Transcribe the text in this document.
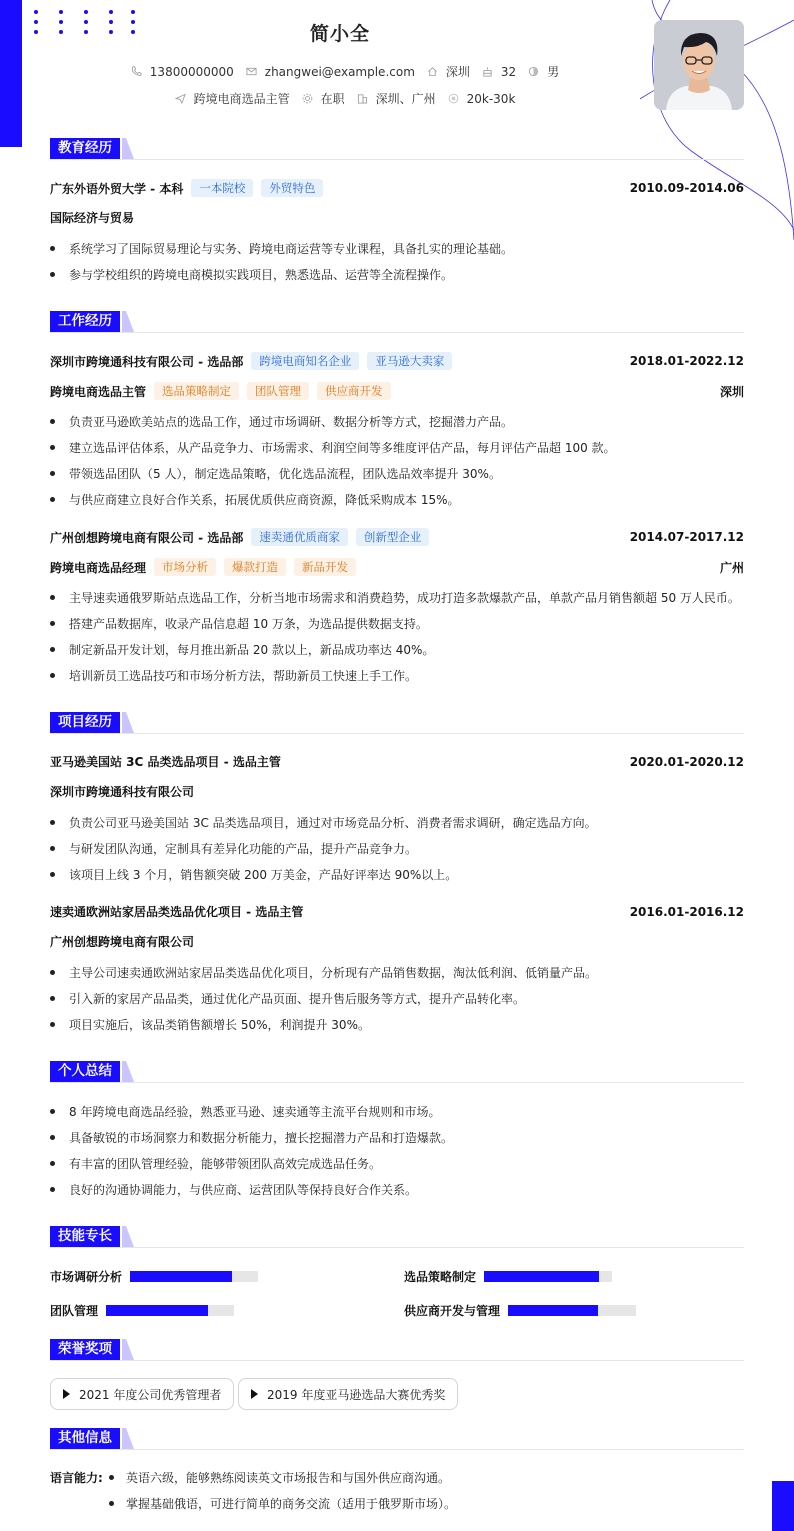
简小全
13800000000	zhangwei@example.com	深圳	32	男
跨境电商选品主管	在职	深圳、广州	20k-30k
教育经历
广东外语外贸大学 - 本科	一本院校	外贸特色	2010.09-2014.06
国际经济与贸易
系统学习了国际贸易理论与实务、跨境电商运营等专业课程，具备扎实的理论基础。
参与学校组织的跨境电商模拟实践项目，熟悉选品、运营等全流程操作。
工作经历
深圳市跨境通科技有限公司 - 选品部	跨境电商知名企业	亚马逊大卖家	2018.01-2022.12
跨境电商选品主管	选品策略制定	团队管理	供应商开发	深圳
负责亚马逊欧美站点的选品工作，通过市场调研、数据分析等方式，挖掘潜力产品。
建立选品评估体系，从产品竞争力、市场需求、利润空间等多维度评估产品，每月评估产品超 100 款。
带领选品团队（5 人），制定选品策略，优化选品流程，团队选品效率提升 30%。
与供应商建立良好合作关系，拓展优质供应商资源，降低采购成本 15%。
广州创想跨境电商有限公司 - 选品部	速卖通优质商家	创新型企业	2014.07-2017.12
跨境电商选品经理	市场分析	爆款打造	新品开发	广州
主导速卖通俄罗斯站点选品工作，分析当地市场需求和消费趋势，成功打造多款爆款产品，单款产品月销售额超 50 万人民币。
搭建产品数据库，收录产品信息超 10 万条，为选品提供数据支持。
制定新品开发计划，每月推出新品 20 款以上，新品成功率达 40%。
培训新员工选品技巧和市场分析方法，帮助新员工快速上手工作。
项目经历
亚马逊美国站 3C 品类选品项目 - 选品主管	2020.01-2020.12
深圳市跨境通科技有限公司
负责公司亚马逊美国站 3C 品类选品项目，通过对市场竞品分析、消费者需求调研，确定选品方向。
与研发团队沟通，定制具有差异化功能的产品，提升产品竞争力。
该项目上线 3 个月，销售额突破 200 万美金，产品好评率达 90%以上。
速卖通欧洲站家居品类选品优化项目 - 选品主管	2016.01-2016.12
广州创想跨境电商有限公司
主导公司速卖通欧洲站家居品类选品优化项目，分析现有产品销售数据，淘汰低利润、低销量产品。
引入新的家居产品品类，通过优化产品页面、提升售后服务等方式，提升产品转化率。
项目实施后，该品类销售额增长 50%，利润提升 30%。
个人总结
8 年跨境电商选品经验，熟悉亚马逊、速卖通等主流平台规则和市场。
具备敏锐的市场洞察力和数据分析能力，擅长挖掘潜力产品和打造爆款。
有丰富的团队管理经验，能够带领团队高效完成选品任务。
良好的沟通协调能力，与供应商、运营团队等保持良好合作关系。
技能专长
市场调研分析	选品策略制定
团队管理	供应商开发与管理
荣誉奖项
2021 年度公司优秀管理者	2019 年度亚马逊选品大赛优秀奖
其他信息
语言能力:	英语六级，能够熟练阅读英文市场报告和与国外供应商沟通。
掌握基础俄语，可进行简单的商务交流（适用于俄罗斯市场）。
